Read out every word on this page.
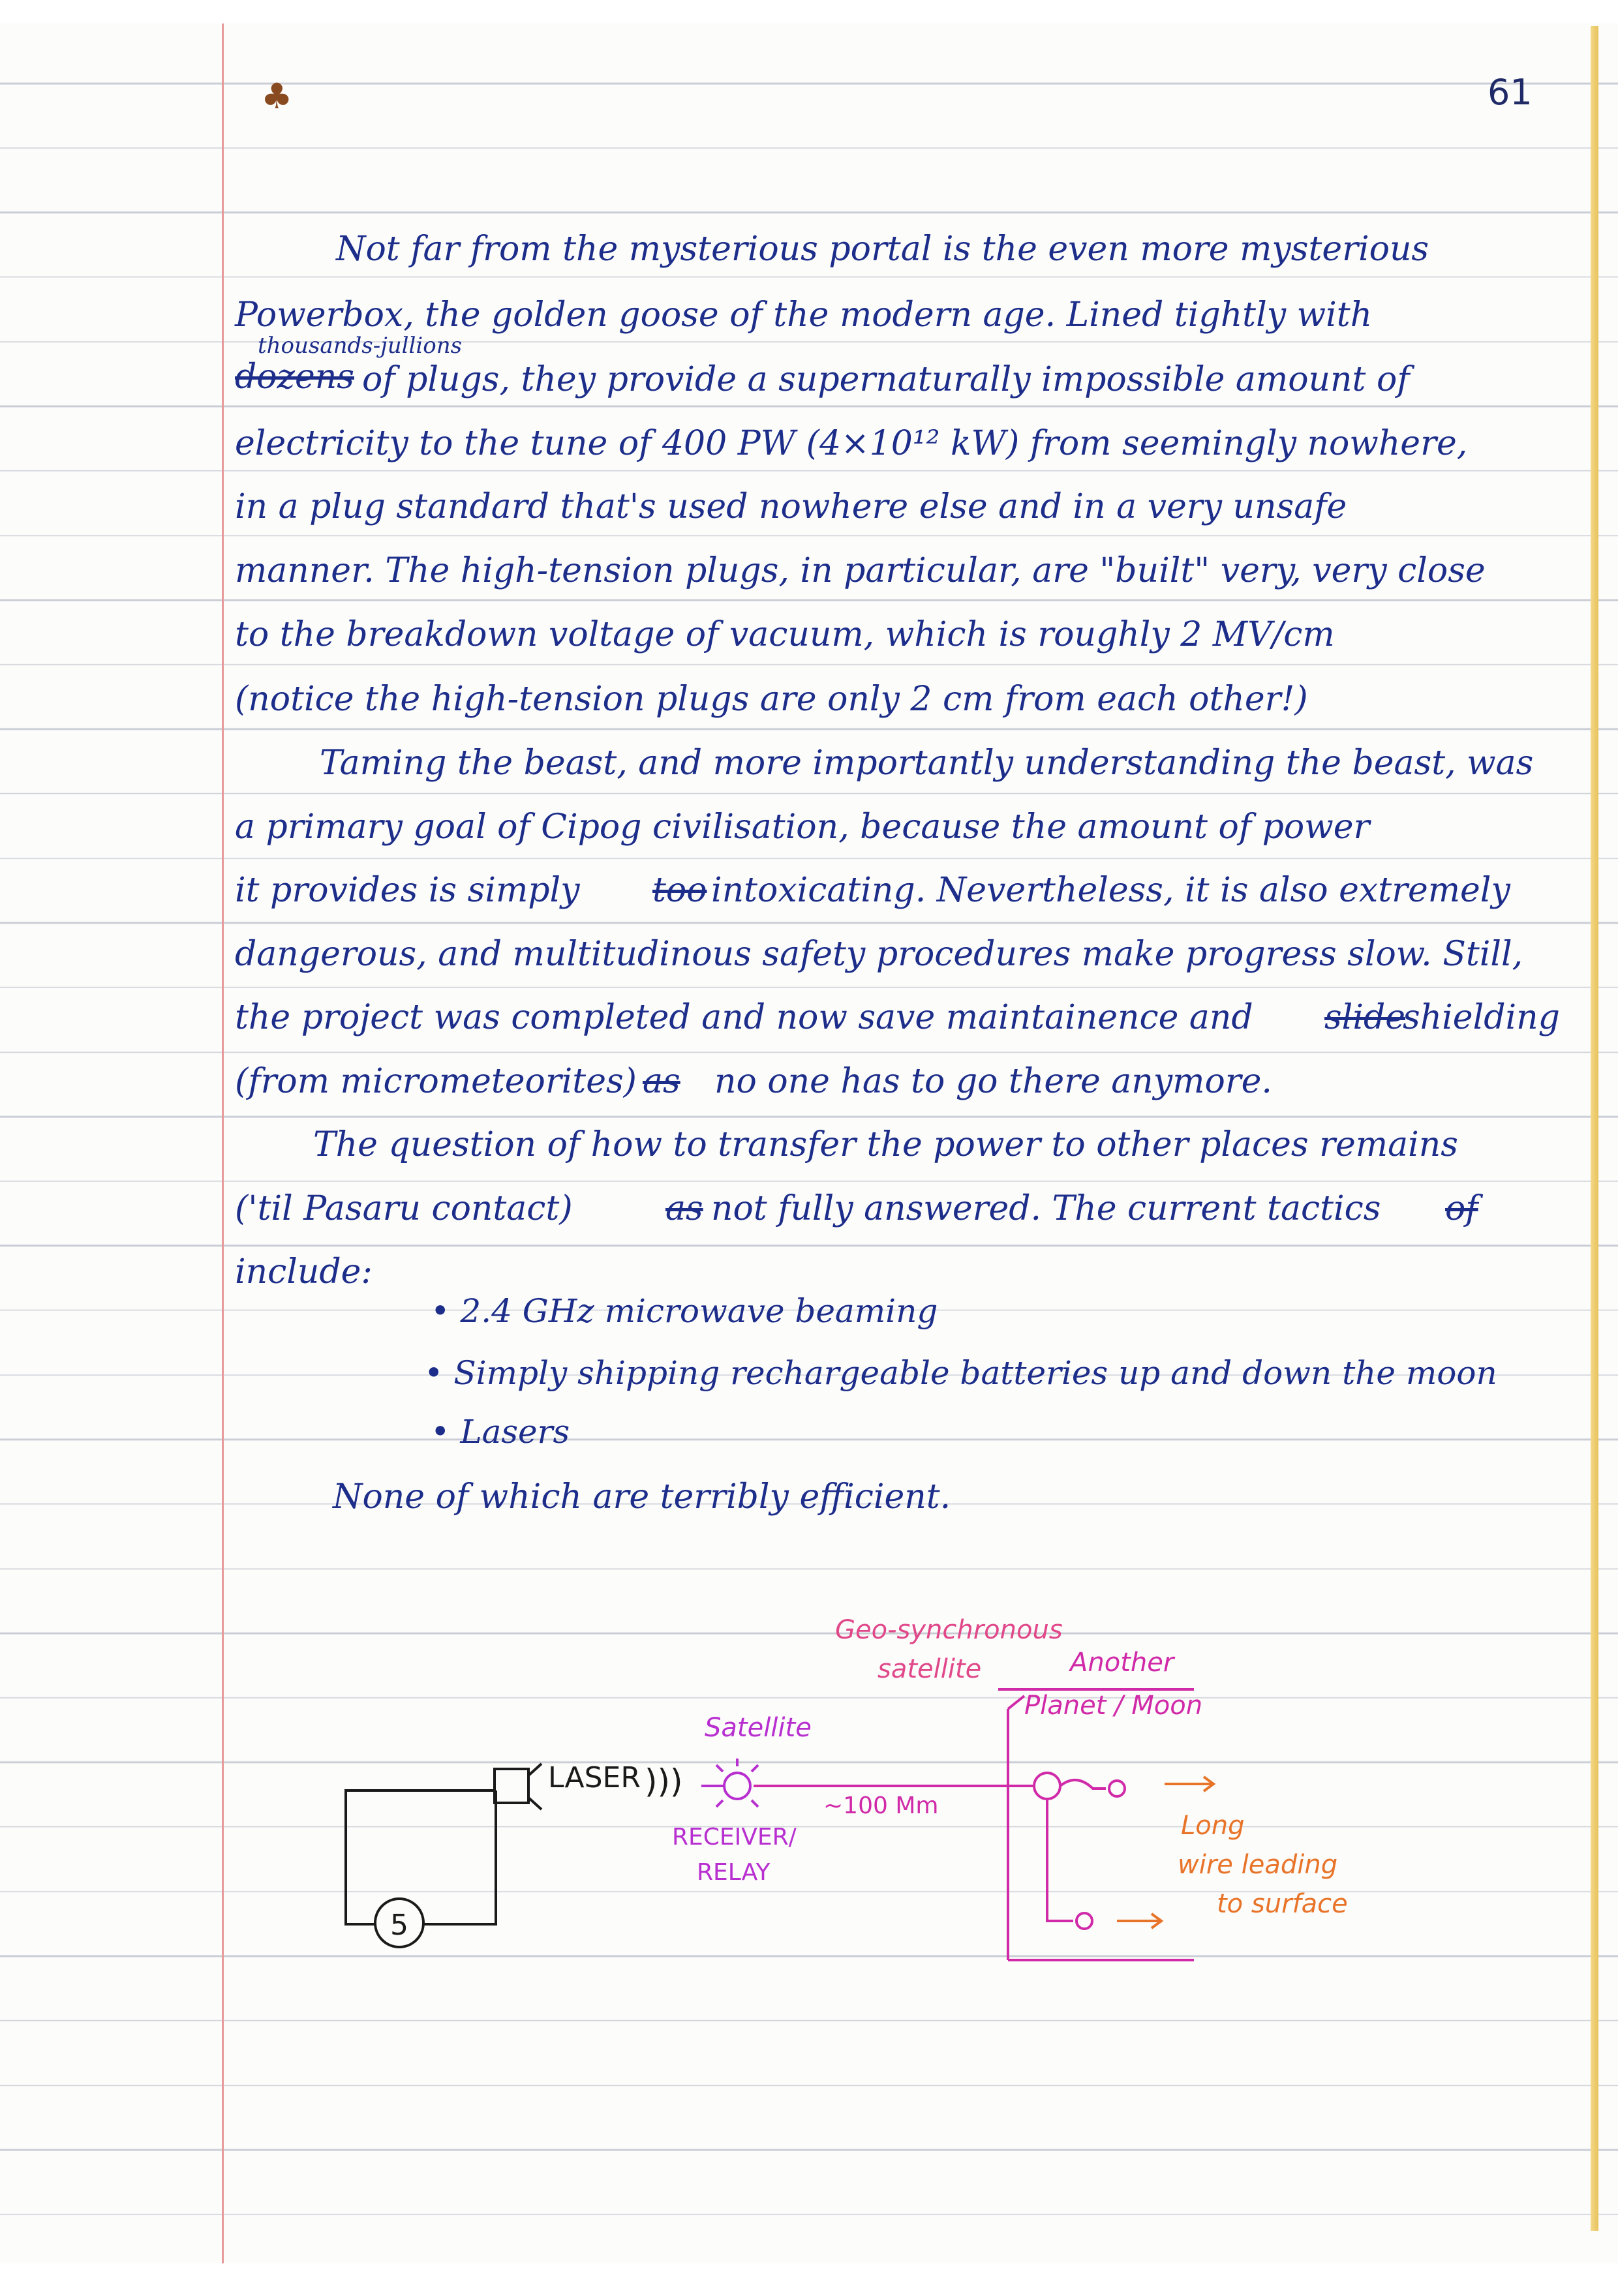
♣	61
Not far from the mysterious portal is the even more mysterious
Powerbox, the golden goose of the modern age. Lined tightly with
thousands-jullions
dozens of plugs, they provide a supernaturally impossible amount of
electricity to the tune of 400 PW (4×10¹² kW) from seemingly nowhere,
in a plug standard that's used nowhere else and in a very unsafe
manner. The high-tension plugs, in particular, are "built" very, very close
to the breakdown voltage of vacuum, which is roughly 2 MV/cm
(notice the high-tension plugs are only 2 cm from each other!)
Taming the beast, and more importantly understanding the beast, was
a primary goal of Cipog civilisation, because the amount of power
it provides is simply too intoxicating. Nevertheless, it is also extremely
dangerous, and multitudinous safety procedures make progress slow. Still,
the project was completed and now save maintainence and slide
shielding
(from micrometeorites) as no one has to go there anymore.
The question of how to transfer the power to other places remains
('til Pasaru contact)	as not fully answered. The current tactics of
include:
• 2.4 GHz microwave beaming
• Simply shipping rechargeable batteries up and down the moon
• Lasers
None of which are terribly efficient.
5
LASER )))
Satellite
RECEIVER/
RELAY
~100 Mm
Geo-synchronous
satellite	Another
Planet / Moon
Long
wire leading
to surface
